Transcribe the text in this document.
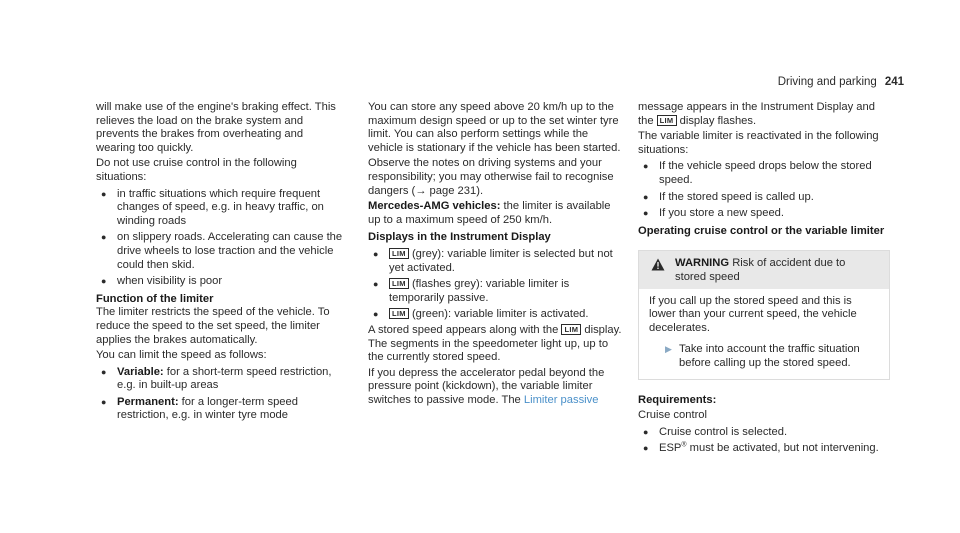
Driving and parking 241

will make use of the engine's braking effect. This relieves the load on the brake system and prevents the brakes from overheating and wearing too quickly.

Do not use cruise control in the following situations:

● in traffic situations which require frequent changes of speed, e.g. in heavy traffic, on winding roads
● on slippery roads. Accelerating can cause the drive wheels to lose traction and the vehicle could then skid.
● when visibility is poor

Function of the limiter

The limiter restricts the speed of the vehicle. To reduce the speed to the set speed, the limiter applies the brakes automatically.

You can limit the speed as follows:

● Variable: for a short-term speed restriction, e.g. in built-up areas
● Permanent: for a longer-term speed restriction, e.g. in winter tyre mode

You can store any speed above 20 km/h up to the maximum design speed or up to the set winter tyre limit. You can also perform settings while the vehicle is stationary if the vehicle has been started.

Observe the notes on driving systems and your responsibility; you may otherwise fail to recognise dangers (→ page 231).

Mercedes-AMG vehicles: the limiter is available up to a maximum speed of 250 km/h.

Displays in the Instrument Display

● LIM (grey): variable limiter is selected but not yet activated.
● LIM (flashes grey): variable limiter is temporarily passive.
● LIM (green): variable limiter is activated.

A stored speed appears along with the LIM display. The segments in the speedometer light up, up to the currently stored speed.

If you depress the accelerator pedal beyond the pressure point (kickdown), the variable limiter switches to passive mode. The Limiter passive

message appears in the Instrument Display and the LIM display flashes.

The variable limiter is reactivated in the following situations:

● If the vehicle speed drops below the stored speed.
● If the stored speed is called up.
● If you store a new speed.

Operating cruise control or the variable limiter

WARNING Risk of accident due to stored speed

If you call up the stored speed and this is lower than your current speed, the vehicle decelerates.

▶ Take into account the traffic situation before calling up the stored speed.

Requirements:

Cruise control

● Cruise control is selected.
● ESP® must be activated, but not intervening.
